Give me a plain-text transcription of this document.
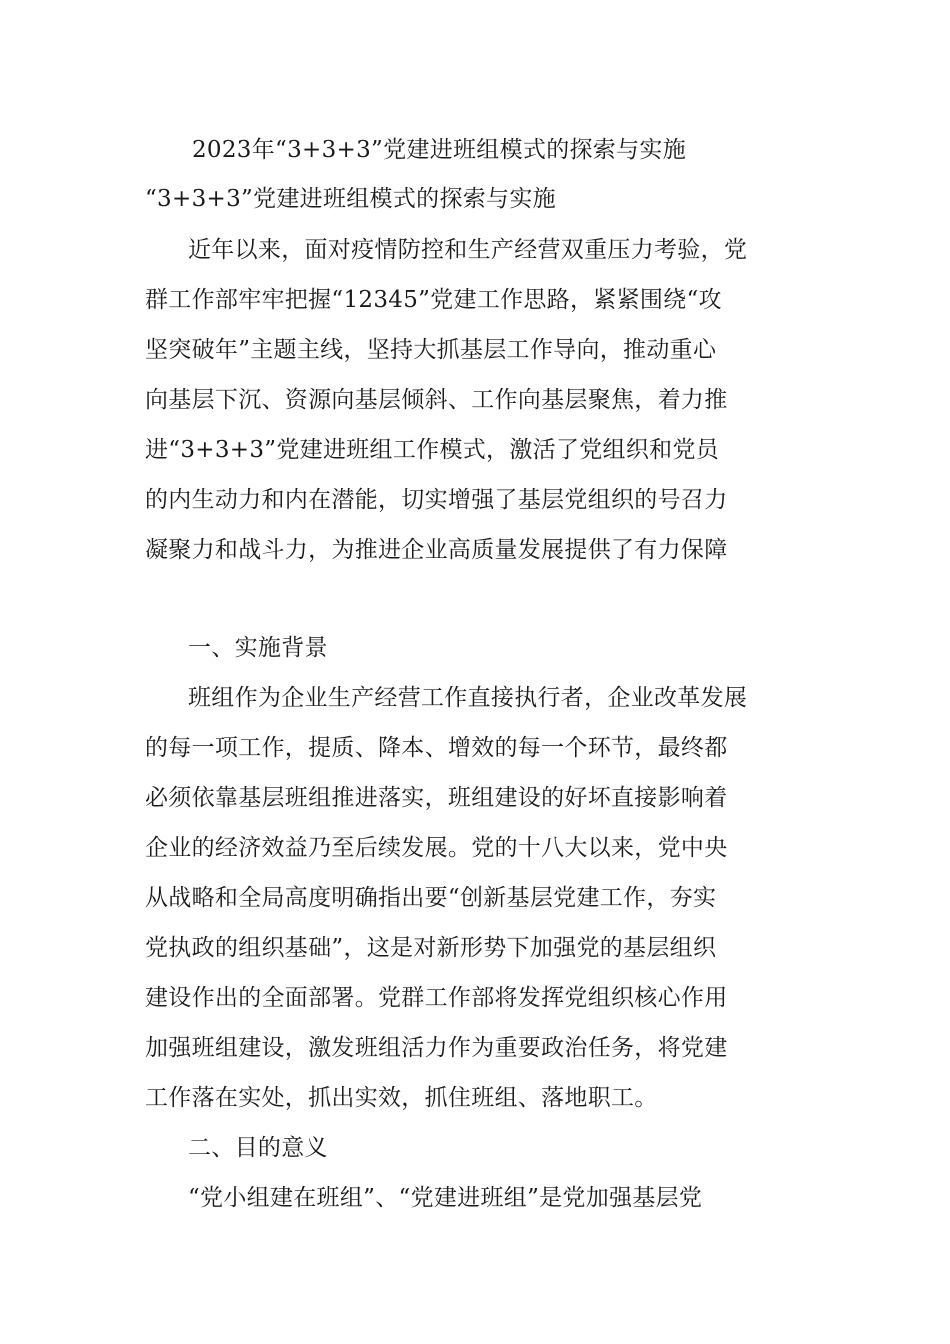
2023年“3+3+3”党建进班组模式的探索与实施
“3+3+3”党建进班组模式的探索与实施
近年以来，面对疫情防控和生产经营双重压力考验，党
群工作部牢牢把握“12345”党建工作思路，紧紧围绕“攻
坚突破年”主题主线，坚持大抓基层工作导向，推动重心
向基层下沉、资源向基层倾斜、工作向基层聚焦，着力推
进“3+3+3”党建进班组工作模式，激活了党组织和党员
的内生动力和内在潜能，切实增强了基层党组织的号召力
凝聚力和战斗力，为推进企业高质量发展提供了有力保障
一、实施背景
班组作为企业生产经营工作直接执行者，企业改革发展
的每一项工作，提质、降本、增效的每一个环节，最终都
必须依靠基层班组推进落实，班组建设的好坏直接影响着
企业的经济效益乃至后续发展。党的十八大以来，党中央
从战略和全局高度明确指出要“创新基层党建工作，夯实
党执政的组织基础”，这是对新形势下加强党的基层组织
建设作出的全面部署。党群工作部将发挥党组织核心作用
加强班组建设，激发班组活力作为重要政治任务，将党建
工作落在实处，抓出实效，抓住班组、落地职工。
二、目的意义
“党小组建在班组”、“党建进班组”是党加强基层党
